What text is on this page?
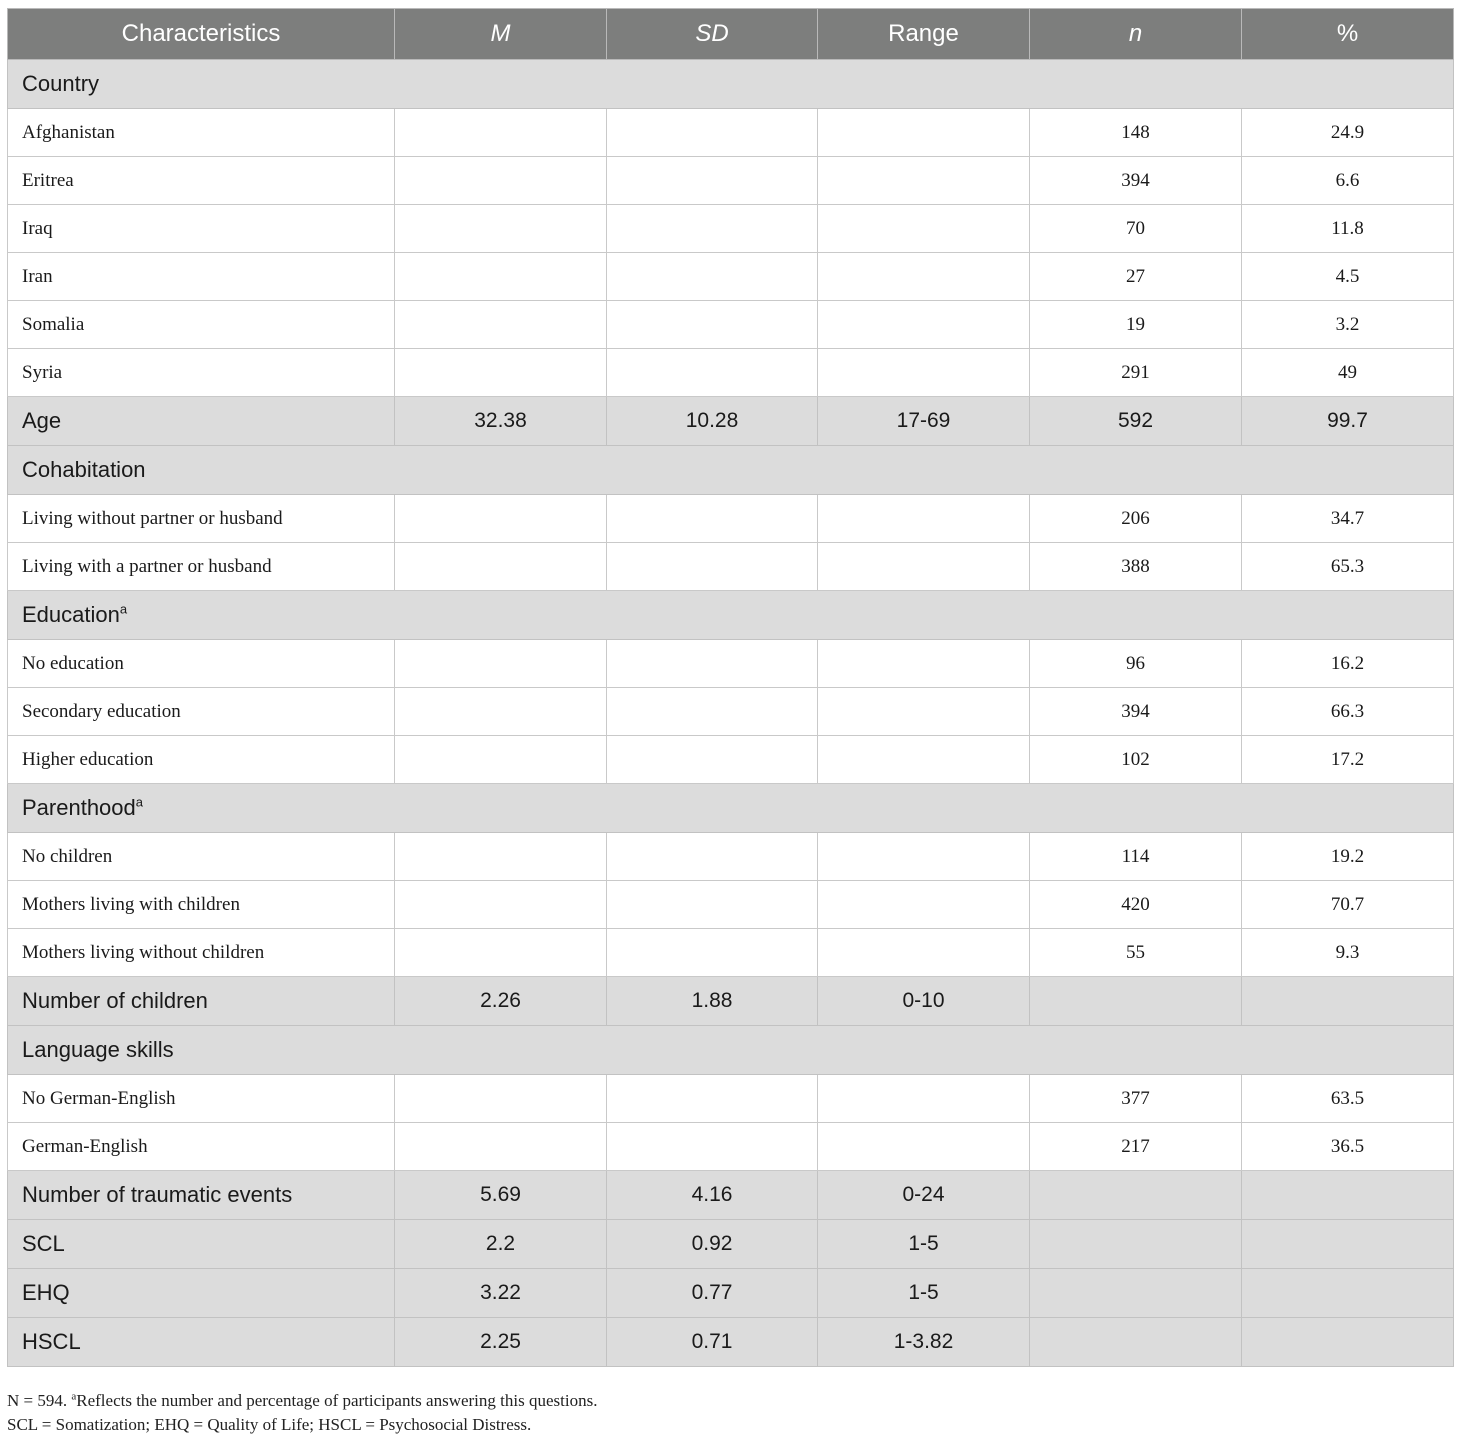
Characteristics	M	SD	Range	n	%
Country					
Afghanistan				148	24.9
Eritrea				394	6.6
Iraq				70	11.8
Iran				27	4.5
Somalia				19	3.2
Syria				291	49
Age	32.38	10.28	17-69	592	99.7
Cohabitation					
Living without partner or husband				206	34.7
Living with a partner or husband				388	65.3
Education$^a$
No education				96	16.2
Secondary education				394	66.3
Higher education				102	17.2
Parenthood$^a$
No children				114	19.2
Mothers living with children				420	70.7
Mothers living without children				55	9.3
Number of children	2.26	1.88	0-10		
Language skills					
No German-English				377	63.5
German-English				217	36.5
Number of traumatic events	5.69	4.16	0-24		
SCL	2.2	0.92	1-5		
EHQ	3.22	0.77	1-5		
HSCL	2.25	0.71	1-3.82		
N = 594. $^a$Reflects the number and percentage of participants answering this questions.
SCL = Somatization; EHQ = Quality of Life; HSCL = Psychosocial Distress.
